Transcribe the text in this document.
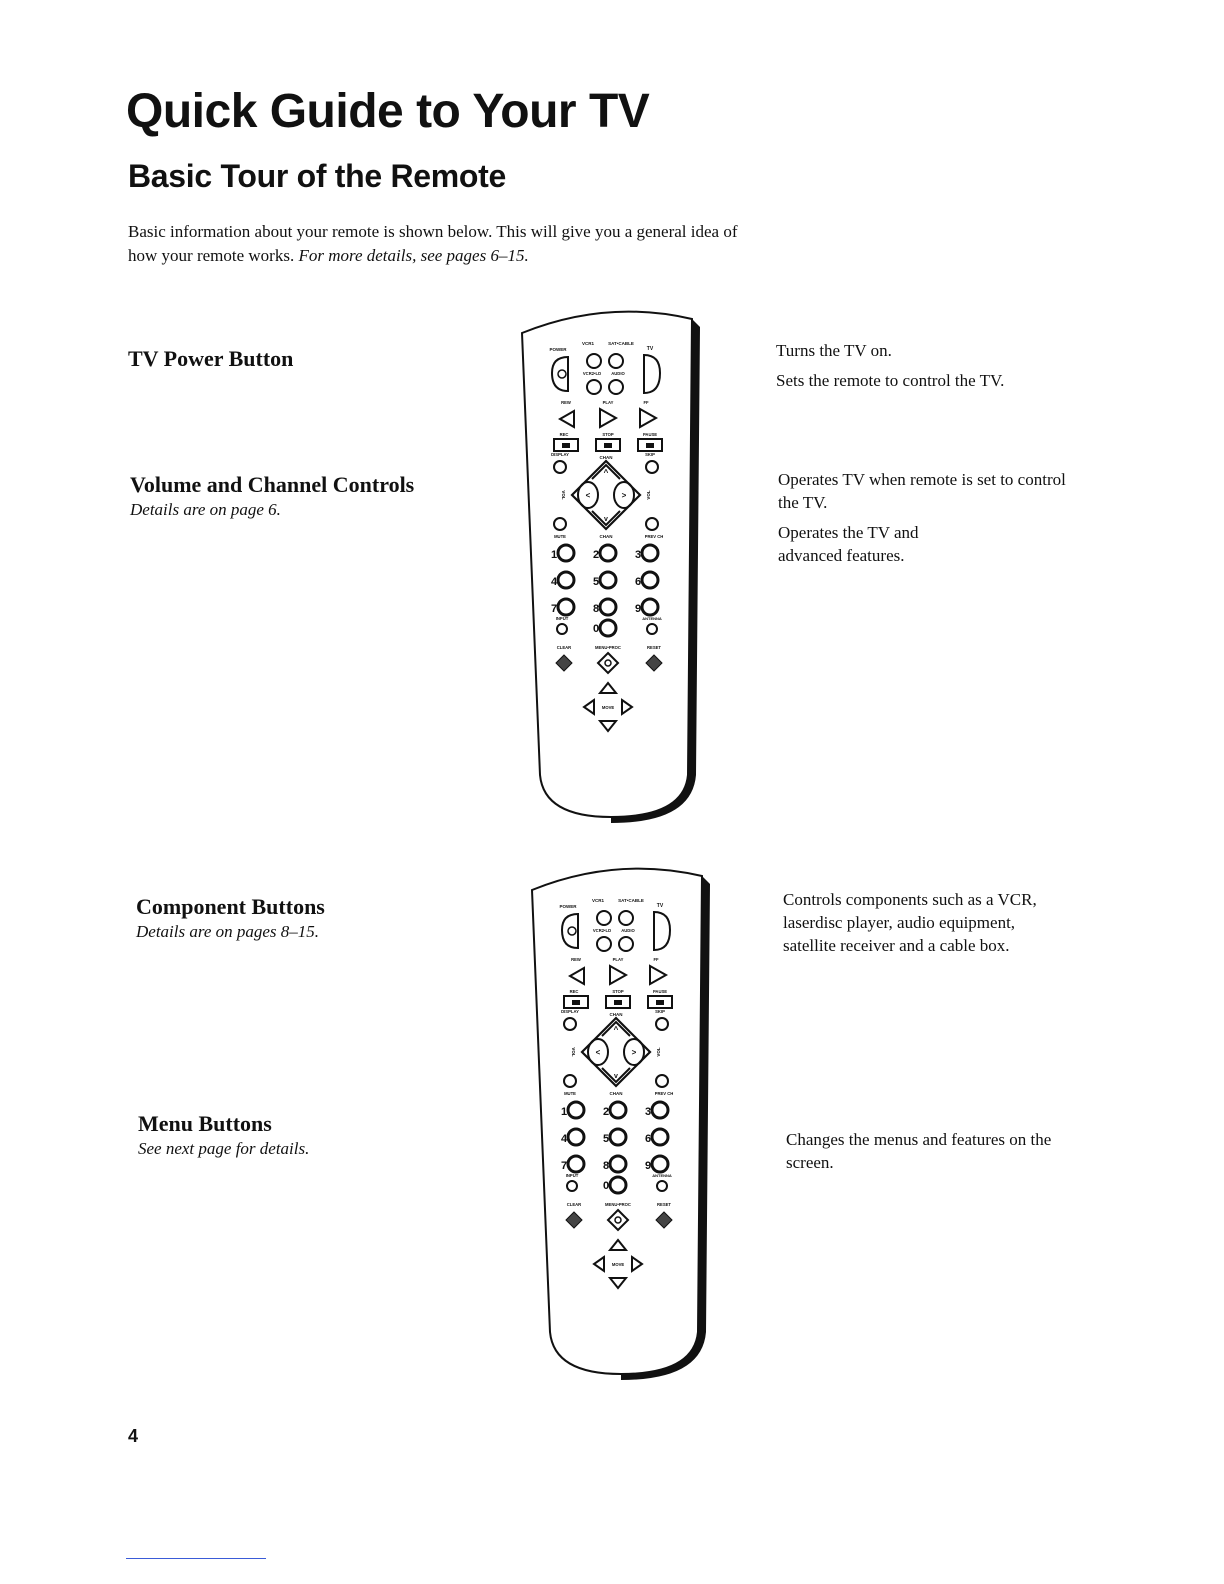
Quick Guide to Your TV
Basic Tour of the Remote
Basic information about your remote is shown below. This will give you a general idea of how your remote works. For more details, see pages 6–15.
TV Power Button
Volume and Channel Controls
Details are on page 6.

Turns the TV on.

Sets the remote to control the TV.

Operates TV when remote is set to control the TV.

Operates the TV and advanced features.

Component Buttons
Details are on pages 8–15.
Menu Buttons
See next page for details.
Controls components such as a VCR, laserdisc player, audio equipment, satellite receiver and a cable box.
Changes the menus and features on the screen.
POWER
VCR1	SAT•CABLE
TV
VCR2•LD AUDIO
REW	PLAY	FF
REC	STOP	PAUSE
DISPLAY	SKIP
CHAN
^
v
<	>
VOL	VOL
CHAN
MUTE	PREV CH
1	2	3
4	5	6
7	8	9
INPUT
0
ANTENNA
CLEAR	MENU•PROC	RESET
MOVE
POWER
VCR1	SAT•CABLE
TV
VCR2•LD AUDIO
REW	PLAY	FF
REC	STOP	PAUSE
DISPLAY	SKIP
CHAN
^
v
<	>
VOL	VOL
CHAN
MUTE	PREV CH
1	2	3
4	5	6
7	8	9
INPUT
0
ANTENNA
CLEAR	MENU•PROC	RESET
MOVE
4
